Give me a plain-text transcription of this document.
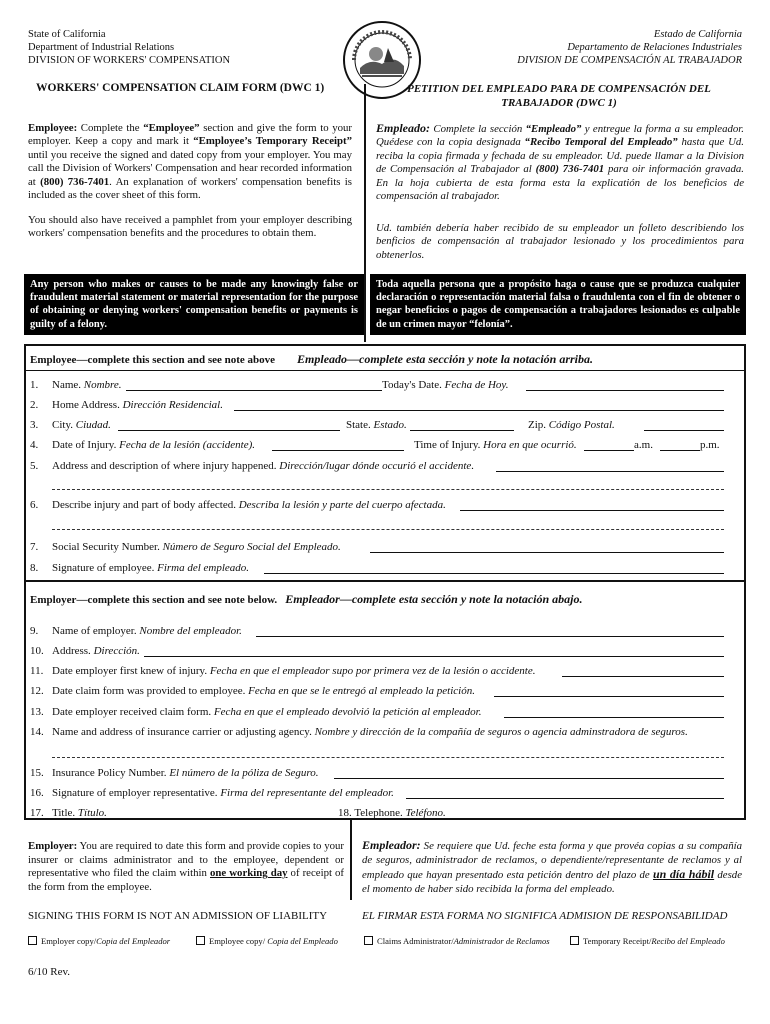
State of California
Department of Industrial Relations
DIVISION OF WORKERS' COMPENSATION
Estado de California
Departamento de Relaciones Industriales
DIVISION DE COMPENSACIÓN AL TRABAJADOR
WORKERS' COMPENSATION CLAIM FORM (DWC 1)	PETITION DEL EMPLEADO PARA DE COMPENSACIÓN DEL TRABAJADOR (DWC 1)
Employee: Complete the “Employee” section and give the form to your employer. Keep a copy and mark it “Employee’s Temporary Receipt” until you receive the signed and dated copy from your employer. You may call the Division of Workers' Compensation and hear recorded information at (800) 736-7401. An explanation of workers' compensation benefits is included as the cover sheet of this form.
You should also have received a pamphlet from your employer describing workers' compensation benefits and the procedures to obtain them.
Empleado: Complete la sección “Empleado” y entregue la forma a su empleador. Quédese con la copia designada “Recibo Temporal del Empleado” hasta que Ud. reciba la copia firmada y fechada de su empleador. Ud. puede llamar a la Division de Compensación al Trabajador al (800) 736-7401 para oir información gravada. En la hoja cubierta de esta forma esta la explicatión de los beneficios de compensación al trabajador.
Ud. también debería haber recibido de su empleador un folleto describiendo los benficios de compensación al trabajador lesionado y los procedimientos para obtenerlos.
Any person who makes or causes to be made any knowingly false or fraudulent material statement or material representation for the purpose of obtaining or denying workers' compensation benefits or payments is guilty of a felony.
Toda aquella persona que a propósito haga o cause que se produzca cualquier declaración o representación material falsa o fraudulenta con el fin de obtener o negar beneficios o pagos de compensación a trabajadores lesionados es culpable de un crimen mayor “felonía”.
Employee—complete this section and see note above Empleado—complete esta sección y note la notación arriba.
1. Name. Nombre.	Today's Date. Fecha de Hoy.
2. Home Address. Dirección Residencial.
3. City. Ciudad.	State. Estado.	Zip. Código Postal.
4. Date of Injury. Fecha de la lesión (accidente).	Time of Injury. Hora en que ocurrió.	a.m.	p.m.
5. Address and description of where injury happened. Dirección/lugar dónde occurió el accidente.
6. Describe injury and part of body affected. Describa la lesión y parte del cuerpo afectada.
7. Social Security Number. Número de Seguro Social del Empleado.
8. Signature of employee. Firma del empleado.
Employer—complete this section and see note below. Empleador—complete esta sección y note la notación abajo.
9. Name of employer. Nombre del empleador.
10. Address. Dirección.
11. Date employer first knew of injury. Fecha en que el empleador supo por primera vez de la lesión o accidente.
12. Date claim form was provided to employee. Fecha en que se le entregó al empleado la petición.
13. Date employer received claim form. Fecha en que el empleado devolvió la petición al empleador.
14. Name and address of insurance carrier or adjusting agency. Nombre y dirección de la compañía de seguros o agencia adminstradora de seguros.
15. Insurance Policy Number. El número de la póliza de Seguro.
16. Signature of employer representative. Firma del representante del empleador.
17. Title. Título.	18. Telephone. Teléfono.
Employer: You are required to date this form and provide copies to your insurer or claims administrator and to the employee, dependent or representative who filed the claim within one working day of receipt of the form from the employee.
Empleador: Se requiere que Ud. feche esta forma y que provéa copias a su compañía de seguros, administrador de reclamos, o dependiente/representante de reclamos y al empleado que hayan presentado esta petición dentro del plazo de un día hábil desde el momento de haber sido recibida la forma del empleado.
SIGNING THIS FORM IS NOT AN ADMISSION OF LIABILITY	EL FIRMAR ESTA FORMA NO SIGNIFICA ADMISION DE RESPONSABILIDAD
Employer copy/Copia del Empleador	Employee copy/ Copia del Empleado	Claims Administrator/Administrador de Reclamos	Temporary Receipt/Recibo del Empleado
6/10 Rev.
